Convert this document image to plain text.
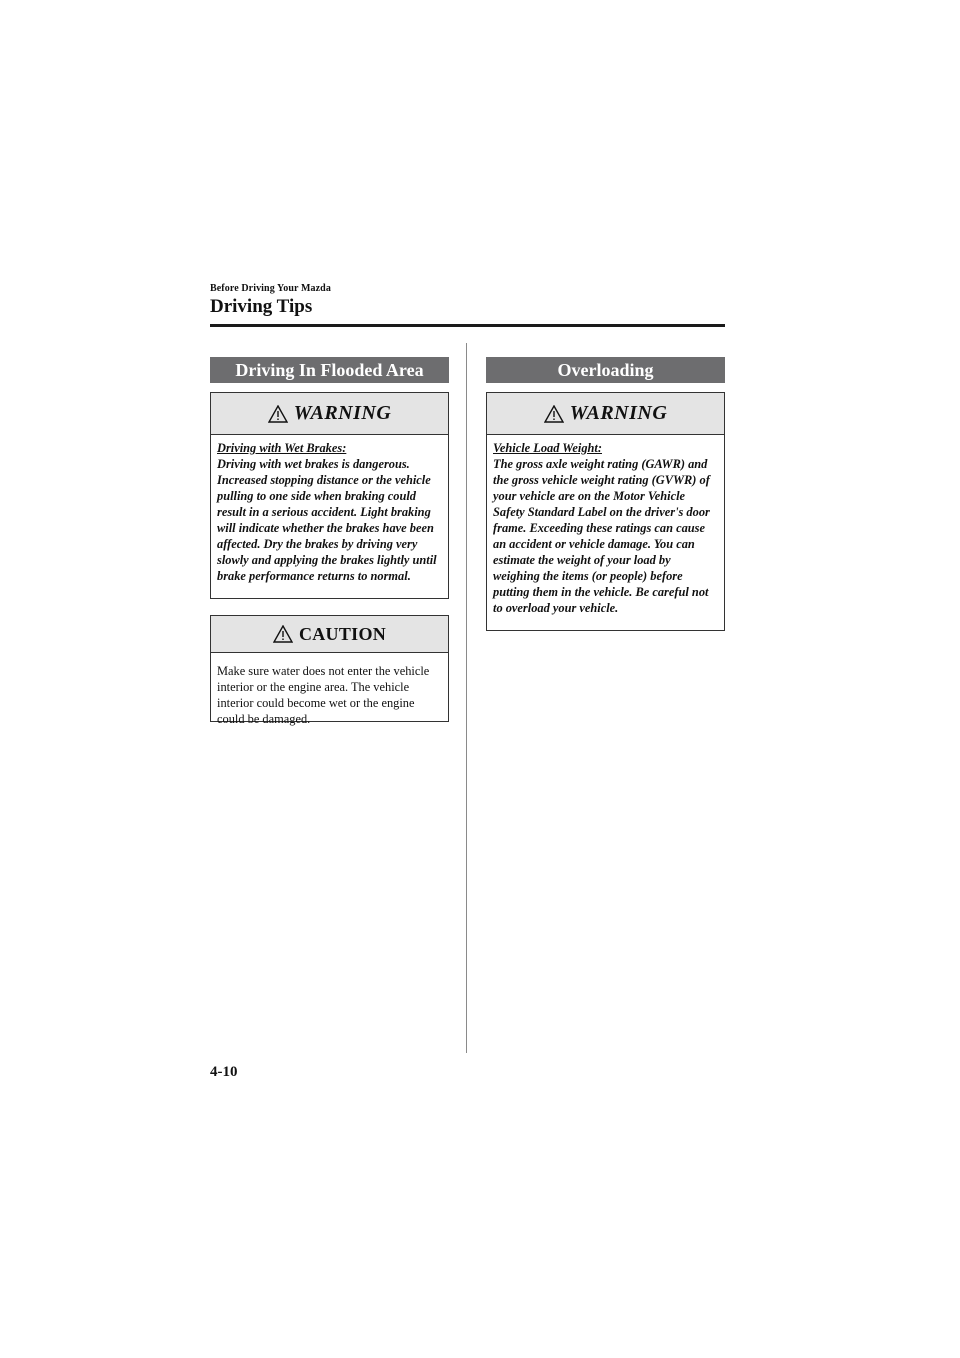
Before Driving Your Mazda
Driving Tips
Driving In Flooded Area
WARNING
Driving with Wet Brakes:
Driving with wet brakes is dangerous. Increased stopping distance or the vehicle pulling to one side when braking could result in a serious accident. Light braking will indicate whether the brakes have been affected. Dry the brakes by driving very slowly and applying the brakes lightly until brake performance returns to normal.
CAUTION
Make sure water does not enter the vehicle interior or the engine area. The vehicle interior could become wet or the engine could be damaged.
Overloading
WARNING
Vehicle Load Weight:
The gross axle weight rating (GAWR) and the gross vehicle weight rating (GVWR) of your vehicle are on the Motor Vehicle Safety Standard Label on the driver's door frame. Exceeding these ratings can cause an accident or vehicle damage. You can estimate the weight of your load by weighing the items (or people) before putting them in the vehicle. Be careful not to overload your vehicle.
4-10
